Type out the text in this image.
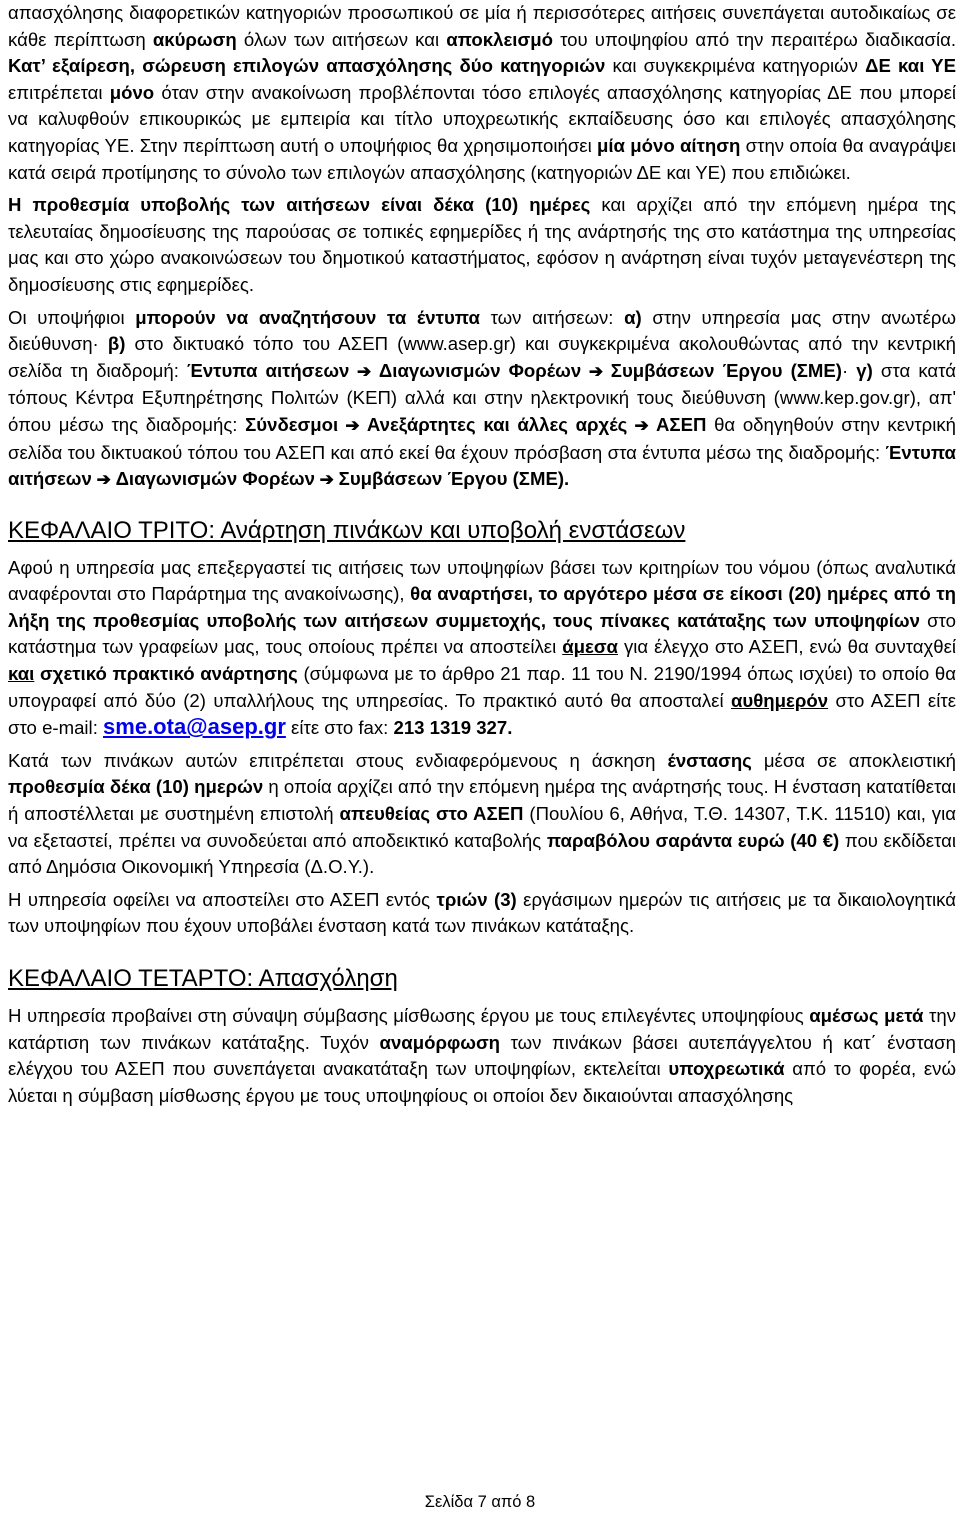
απασχόλησης διαφορετικών κατηγοριών προσωπικού σε μία ή περισσότερες αιτήσεις συνεπάγεται αυτοδικαίως σε κάθε περίπτωση ακύρωση όλων των αιτήσεων και αποκλεισμό του υποψηφίου από την περαιτέρω διαδικασία. Κατ’ εξαίρεση, σώρευση επιλογών απασχόλησης δύο κατηγοριών και συγκεκριμένα κατηγοριών ΔΕ και ΥΕ επιτρέπεται μόνο όταν στην ανακοίνωση προβλέπονται τόσο επιλογές απασχόλησης κατηγορίας ΔΕ που μπορεί να καλυφθούν επικουρικώς με εμπειρία και τίτλο υποχρεωτικής εκπαίδευσης όσο και επιλογές απασχόλησης κατηγορίας ΥΕ. Στην περίπτωση αυτή ο υποψήφιος θα χρησιμοποιήσει μία μόνο αίτηση στην οποία θα αναγράψει κατά σειρά προτίμησης το σύνολο των επιλογών απασχόλησης (κατηγοριών ΔΕ και ΥΕ) που επιδιώκει.

Η προθεσμία υποβολής των αιτήσεων είναι δέκα (10) ημέρες και αρχίζει από την επόμενη ημέρα της τελευταίας δημοσίευσης της παρούσας σε τοπικές εφημερίδες ή της ανάρτησής της στο κατάστημα της υπηρεσίας μας και στο χώρο ανακοινώσεων του δημοτικού καταστήματος, εφόσον η ανάρτηση είναι τυχόν μεταγενέστερη της δημοσίευσης στις εφημερίδες.

Οι υποψήφιοι μπορούν να αναζητήσουν τα έντυπα των αιτήσεων: α) στην υπηρεσία μας στην ανωτέρω διεύθυνση· β) στο δικτυακό τόπο του ΑΣΕΠ (www.asep.gr) και συγκεκριμένα ακολουθώντας από την κεντρική σελίδα τη διαδρομή: Έντυπα αιτήσεων ➔ Διαγωνισμών Φορέων ➔ Συμβάσεων Έργου (ΣΜΕ)· γ) στα κατά τόπους Κέντρα Εξυπηρέτησης Πολιτών (ΚΕΠ) αλλά και στην ηλεκτρονική τους διεύθυνση (www.kep.gov.gr), απ' όπου μέσω της διαδρομής: Σύνδεσμοι ➔ Ανεξάρτητες και άλλες αρχές ➔ ΑΣΕΠ θα οδηγηθούν στην κεντρική σελίδα του δικτυακού τόπου του ΑΣΕΠ και από εκεί θα έχουν πρόσβαση στα έντυπα μέσω της διαδρομής: Έντυπα αιτήσεων ➔ Διαγωνισμών Φορέων ➔ Συμβάσεων Έργου (ΣΜΕ).

ΚΕΦΑΛΑΙΟ ΤΡΙΤΟ: Ανάρτηση πινάκων και υποβολή ενστάσεων

Αφού η υπηρεσία μας επεξεργαστεί τις αιτήσεις των υποψηφίων βάσει των κριτηρίων του νόμου (όπως αναλυτικά αναφέρονται στο Παράρτημα της ανακοίνωσης), θα αναρτήσει, το αργότερο μέσα σε είκοσι (20) ημέρες από τη λήξη της προθεσμίας υποβολής των αιτήσεων συμμετοχής, τους πίνακες κατάταξης των υποψηφίων στο κατάστημα των γραφείων μας, τους οποίους πρέπει να αποστείλει άμεσα για έλεγχο στο ΑΣΕΠ, ενώ θα συνταχθεί και σχετικό πρακτικό ανάρτησης (σύμφωνα με το άρθρο 21 παρ. 11 του Ν. 2190/1994 όπως ισχύει) το οποίο θα υπογραφεί από δύο (2) υπαλλήλους της υπηρεσίας. Το πρακτικό αυτό θα αποσταλεί αυθημερόν στο ΑΣΕΠ είτε στο e-mail: sme.ota@asep.gr είτε στο fax: 213 1319 327.

Κατά των πινάκων αυτών επιτρέπεται στους ενδιαφερόμενους η άσκηση ένστασης μέσα σε αποκλειστική προθεσμία δέκα (10) ημερών η οποία αρχίζει από την επόμενη ημέρα της ανάρτησής τους. Η ένσταση κατατίθεται ή αποστέλλεται με συστημένη επιστολή απευθείας στο ΑΣΕΠ (Πουλίου 6, Αθήνα, Τ.Θ. 14307, Τ.Κ. 11510) και, για να εξεταστεί, πρέπει να συνοδεύεται από αποδεικτικό καταβολής παραβόλου σαράντα ευρώ (40 €) που εκδίδεται από Δημόσια Οικονομική Υπηρεσία (Δ.Ο.Υ.).

Η υπηρεσία οφείλει να αποστείλει στο ΑΣΕΠ εντός τριών (3) εργάσιμων ημερών τις αιτήσεις με τα δικαιολογητικά των υποψηφίων που έχουν υποβάλει ένσταση κατά των πινάκων κατάταξης.

ΚΕΦΑΛΑΙΟ ΤΕΤΑΡΤΟ: Απασχόληση

Η υπηρεσία προβαίνει στη σύναψη σύμβασης μίσθωσης έργου με τους επιλεγέντες υποψηφίους αμέσως μετά την κατάρτιση των πινάκων κατάταξης. Τυχόν αναμόρφωση των πινάκων βάσει αυτεπάγγελτου ή κατ΄ ένσταση ελέγχου του ΑΣΕΠ που συνεπάγεται ανακατάταξη των υποψηφίων, εκτελείται υποχρεωτικά από το φορέα, ενώ λύεται η σύμβαση μίσθωσης έργου με τους υποψηφίους οι οποίοι δεν δικαιούνται απασχόλησης

Σελίδα 7 από 8
